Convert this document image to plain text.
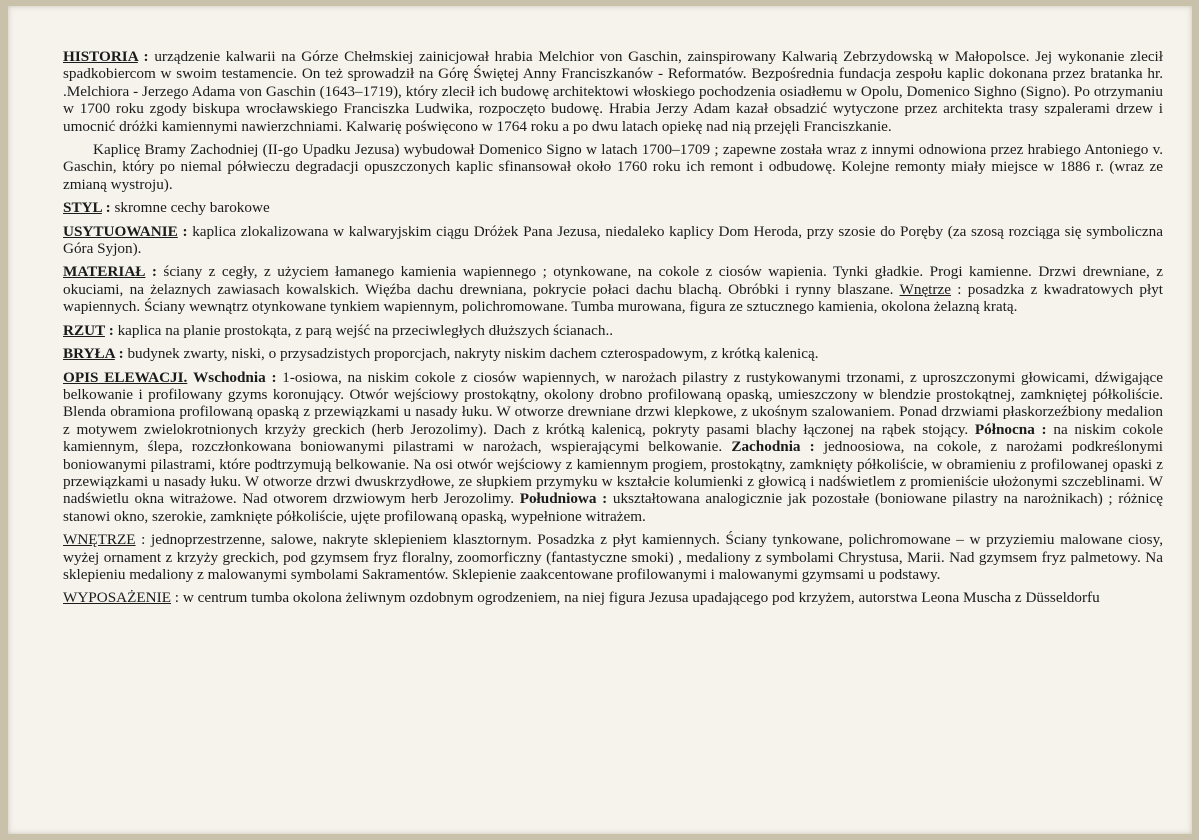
HISTORIA : urządzenie kalwarii na Górze Chełmskiej zainicjował hrabia Melchior von Gaschin, zainspirowany Kalwarią Zebrzydowską w Małopolsce. Jej wykonanie zlecił spadkobiercom w swoim testamencie. On też sprowadził na Górę Świętej Anny Franciszkanów - Reformatów. Bezpośrednia fundacja zespołu kaplic dokonana przez bratanka hr. .Melchiora - Jerzego Adama von Gaschin (1643–1719), który zlecił ich budowę architektowi włoskiego pochodzenia osiadłemu w Opolu, Domenico Sighno (Signo). Po otrzymaniu w 1700 roku zgody biskupa wrocławskiego Franciszka Ludwika, rozpoczęto budowę. Hrabia Jerzy Adam kazał obsadzić wytyczone przez architekta trasy szpalerami drzew i umocnić dróżki kamiennymi nawierzchniami. Kalwarię poświęcono w 1764 roku a po dwu latach opiekę nad nią przejęli Franciszkanie.

Kaplicę Bramy Zachodniej (II-go Upadku Jezusa) wybudował Domenico Signo w latach 1700–1709 ; zapewne została wraz z innymi odnowiona przez hrabiego Antoniego v. Gaschin, który po niemal półwieczu degradacji opuszczonych kaplic sfinansował około 1760 roku ich remont i odbudowę. Kolejne remonty miały miejsce w 1886 r. (wraz ze zmianą wystroju).

STYL : skromne cechy barokowe

USYTUOWANIE : kaplica zlokalizowana w kalwaryjskim ciągu Dróżek Pana Jezusa, niedaleko kaplicy Dom Heroda, przy szosie do Poręby (za szosą rozciąga się symboliczna Góra Syjon).

MATERIAŁ : ściany z cegły, z użyciem łamanego kamienia wapiennego ; otynkowane, na cokole z ciosów wapienia. Tynki gładkie. Progi kamienne. Drzwi drewniane, z okuciami, na żelaznych zawiasach kowalskich. Więźba dachu drewniana, pokrycie połaci dachu blachą. Obróbki i rynny blaszane. Wnętrze : posadzka z kwadratowych płyt wapiennych. Ściany wewnątrz otynkowane tynkiem wapiennym, polichromowane. Tumba murowana, figura ze sztucznego kamienia, okolona żelazną kratą.

RZUT : kaplica na planie prostokąta, z parą wejść na przeciwległych dłuższych ścianach..

BRYŁA : budynek zwarty, niski, o przysadzistych proporcjach, nakryty niskim dachem czterospadowym, z krótką kalenicą.

OPIS ELEWACJI. Wschodnia : 1-osiowa, na niskim cokole z ciosów wapiennych, w narożach pilastry z rustykowanymi trzonami, z uproszczonymi głowicami, dźwigające belkowanie i profilowany gzyms koronujący. Otwór wejściowy prostokątny, okolony drobno profilowaną opaską, umieszczony w blendzie prostokątnej, zamkniętej półkoliście. Blenda obramiona profilowaną opaską z przewiązkami u nasady łuku. W otworze drewniane drzwi klepkowe, z ukośnym szalowaniem. Ponad drzwiami płaskorzeźbiony medalion z motywem zwielokrotnionych krzyży greckich (herb Jerozolimy). Dach z krótką kalenicą, pokryty pasami blachy łączonej na rąbek stojący. Północna : na niskim cokole kamiennym, ślepa, rozczłonkowana boniowanymi pilastrami w narożach, wspierającymi belkowanie. Zachodnia : jednoosiowa, na cokole, z narożami podkreślonymi boniowanymi pilastrami, które podtrzymują belkowanie. Na osi otwór wejściowy z kamiennym progiem, prostokątny, zamknięty półkoliście, w obramieniu z profilowanej opaski z przewiązkami u nasady łuku. W otworze drzwi dwuskrzydłowe, ze słupkiem przymyku w kształcie kolumienki z głowicą i nadświetlem z promieniście ułożonymi szczeblinami. W nadświetlu okna witrażowe. Nad otworem drzwiowym herb Jerozolimy. Południowa : ukształtowana analogicznie jak pozostałe (boniowane pilastry na narożnikach) ; różnicę stanowi okno, szerokie, zamknięte półkoliście, ujęte profilowaną opaską, wypełnione witrażem.

WNĘTRZE : jednoprzestrzenne, salowe, nakryte sklepieniem klasztornym. Posadzka z płyt kamiennych. Ściany tynkowane, polichromowane – w przyziemiu malowane ciosy, wyżej ornament z krzyży greckich, pod gzymsem fryz floralny, zoomorficzny (fantastyczne smoki) , medaliony z symbolami Chrystusa, Marii. Nad gzymsem fryz palmetowy. Na sklepieniu medaliony z malowanymi symbolami Sakramentów. Sklepienie zaakcentowane profilowanymi i malowanymi gzymsami u podstawy.

WYPOSAŻENIE : w centrum tumba okolona żeliwnym ozdobnym ogrodzeniem, na niej figura Jezusa upadającego pod krzyżem, autorstwa Leona Muscha z Düsseldorfu
